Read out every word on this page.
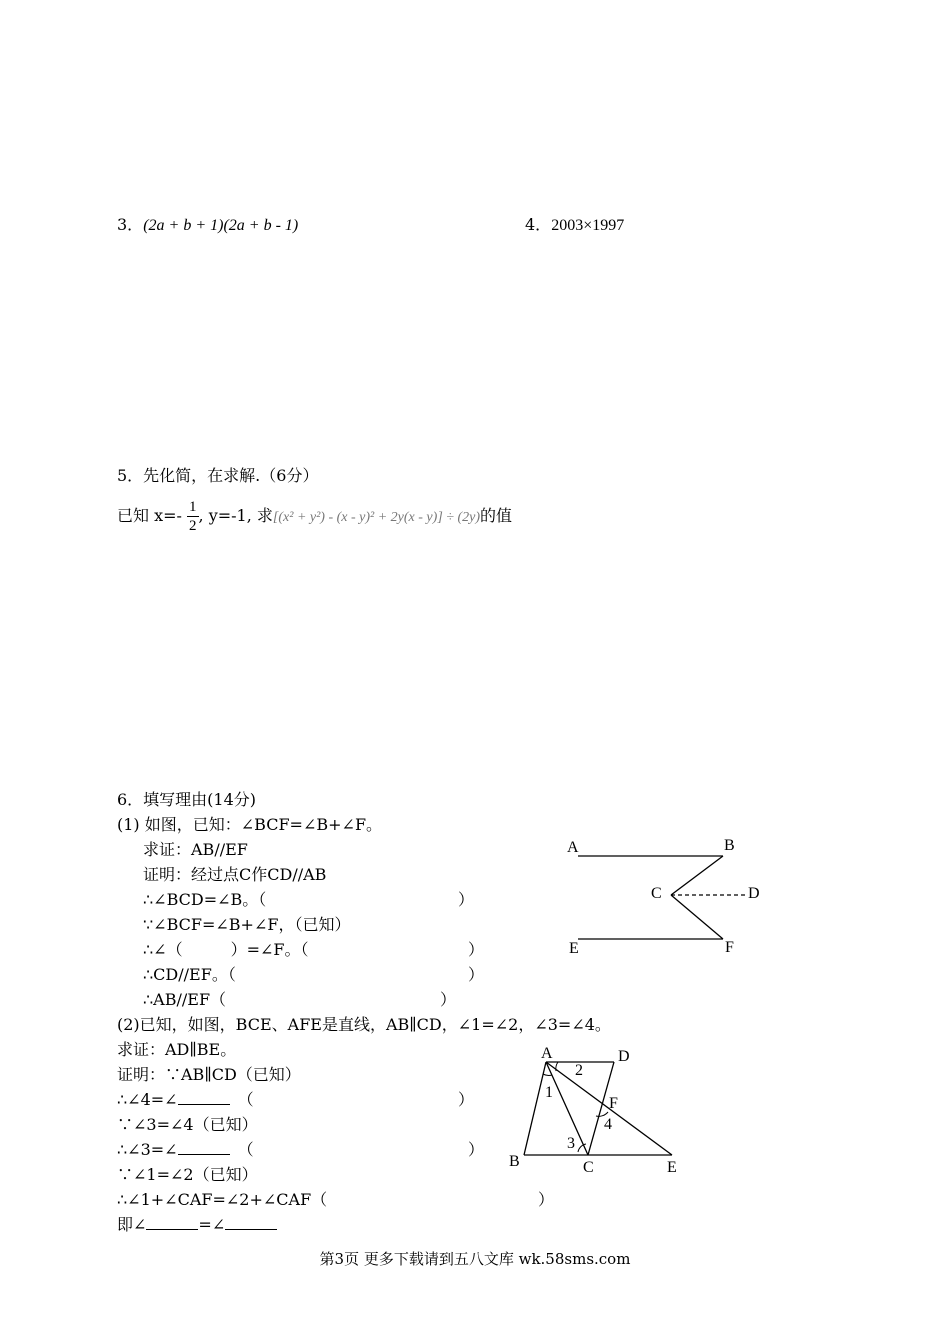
3．(2a + b + 1)(2a + b - 1)	4．2003×1997
5．先化简，在求解.（6分）
已知 $x=- \frac{1}{2}$ , y=-1, 求[(x² + y²) - (x - y)² + 2y(x - y)] ÷ (2y)的值
6．填写理由(14分)
(1) 如图，已知：∠BCF=∠B+∠F。
求证：AB//EF
证明：经过点C作CD//AB
∴∠BCD=∠B。（	）
∵∠BCF=∠B+∠F，（已知）
∴∠（　　　）=∠F。（	）
∴CD//EF。（	）
∴AB//EF（	）
A	B
C	D
E	F
(2)已知，如图，BCE、AFE是直线，AB∥CD，∠1=∠2，∠3=∠4。
求证：AD∥BE。
证明：∵AB∥CD（已知）
∴∠4=∠	（	）
∵∠3=∠4（已知）
∴∠3=∠	（	）
∵∠1=∠2（已知）
∴∠1+∠CAF=∠2+∠CAF（	）
即∠	=∠
A	D
F
B	C	E
2
1
3
4
第3页 更多下载请到五八文库 wk.58sms.com
